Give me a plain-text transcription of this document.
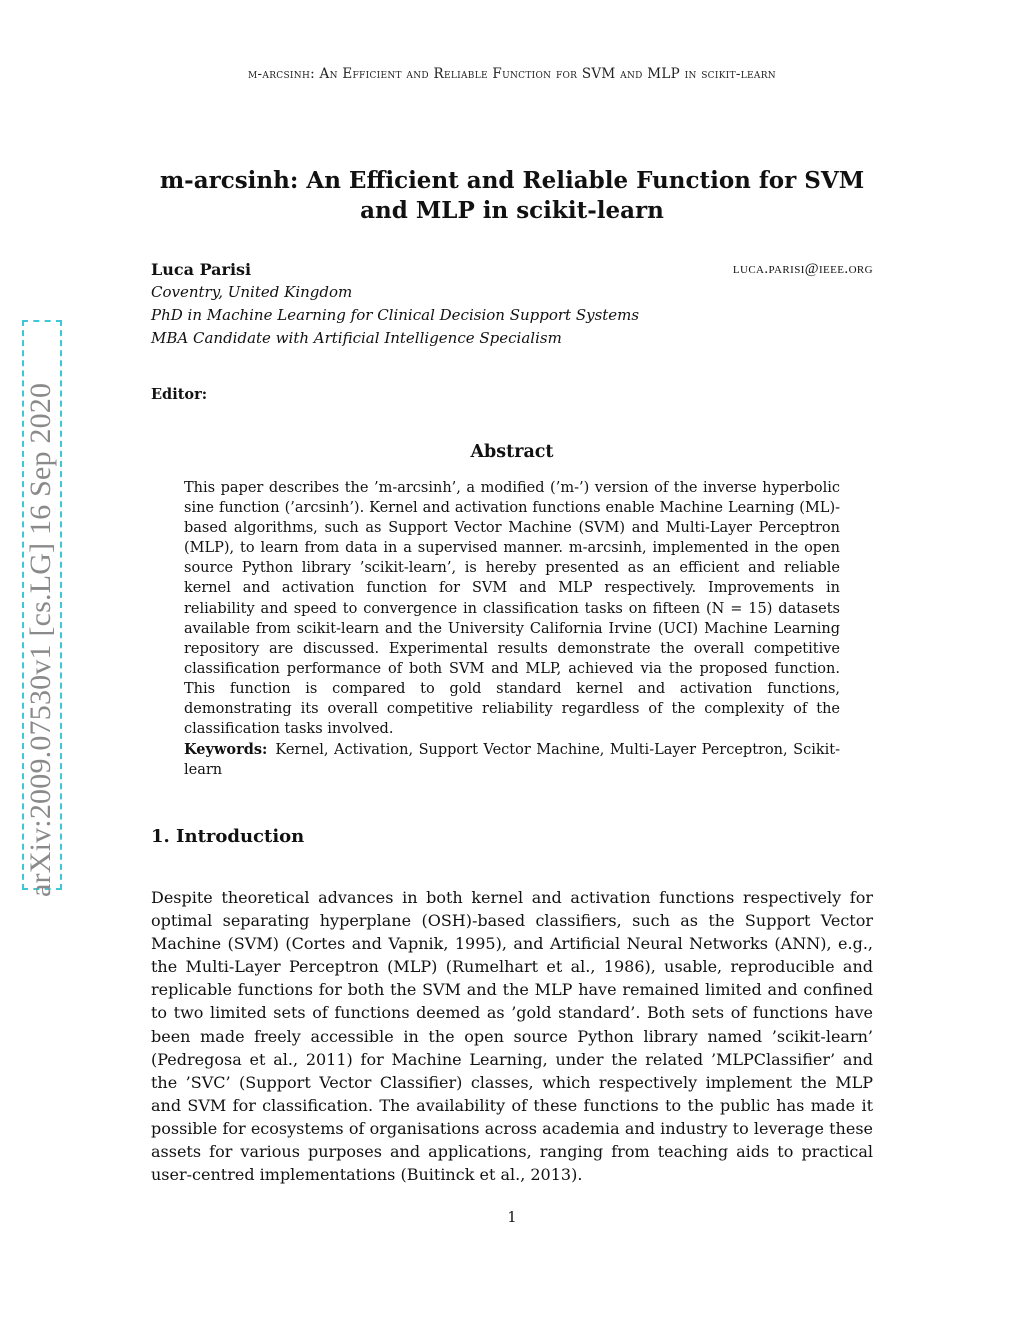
m-arcsinh: An Efficient and Reliable Function for SVM and MLP in scikit-learn
arXiv:2009.07530v1 [cs.LG] 16 Sep 2020
m-arcsinh: An Efficient and Reliable Function for SVM and MLP in scikit-learn
Luca Parisi	luca.parisi@ieee.org
Coventry, United Kingdom
PhD in Machine Learning for Clinical Decision Support Systems
MBA Candidate with Artificial Intelligence Specialism
Editor:
Abstract
This paper describes the ’m-arcsinh’, a modified (’m-’) version of the inverse hyperbolic sine function (’arcsinh’). Kernel and activation functions enable Machine Learning (ML)-based algorithms, such as Support Vector Machine (SVM) and Multi-Layer Perceptron (MLP), to learn from data in a supervised manner. m-arcsinh, implemented in the open source Python library ’scikit-learn’, is hereby presented as an efficient and reliable kernel and activation function for SVM and MLP respectively. Improvements in reliability and speed to convergence in classification tasks on fifteen (N = 15) datasets available from scikit-learn and the University California Irvine (UCI) Machine Learning repository are discussed. Experimental results demonstrate the overall competitive classification performance of both SVM and MLP, achieved via the proposed function. This function is compared to gold standard kernel and activation functions, demonstrating its overall competitive reliability regardless of the complexity of the classification tasks involved.
Keywords: Kernel, Activation, Support Vector Machine, Multi-Layer Perceptron, Scikit-learn
1. Introduction
Despite theoretical advances in both kernel and activation functions respectively for optimal separating hyperplane (OSH)-based classifiers, such as the Support Vector Machine (SVM) (Cortes and Vapnik, 1995), and Artificial Neural Networks (ANN), e.g., the Multi-Layer Perceptron (MLP) (Rumelhart et al., 1986), usable, reproducible and replicable functions for both the SVM and the MLP have remained limited and confined to two limited sets of functions deemed as ’gold standard’. Both sets of functions have been made freely accessible in the open source Python library named ’scikit-learn’ (Pedregosa et al., 2011) for Machine Learning, under the related ’MLPClassifier’ and the ’SVC’ (Support Vector Classifier) classes, which respectively implement the MLP and SVM for classification. The availability of these functions to the public has made it possible for ecosystems of organisations across academia and industry to leverage these assets for various purposes and applications, ranging from teaching aids to practical user-centred implementations (Buitinck et al., 2013).
1
